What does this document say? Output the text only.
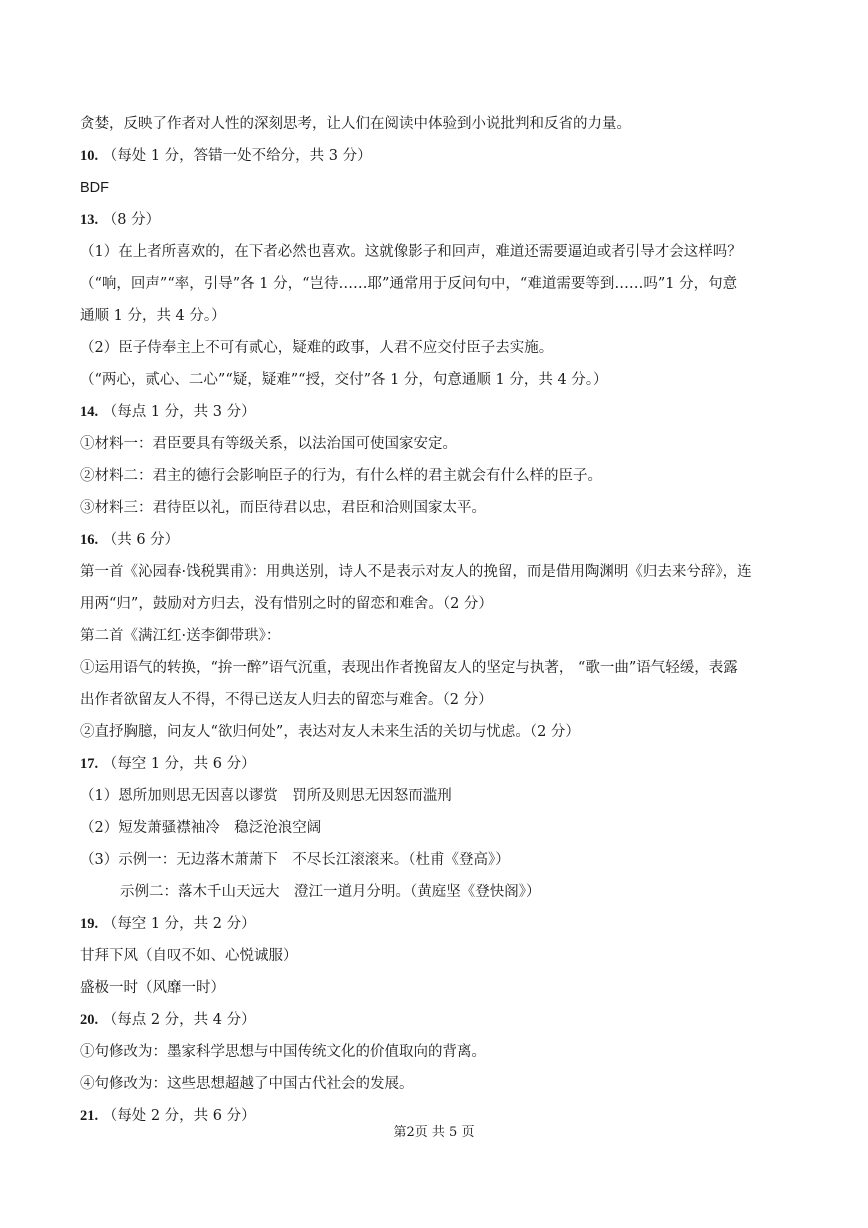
贪婪，反映了作者对人性的深刻思考，让人们在阅读中体验到小说批判和反省的力量。
10. （每处 1 分，答错一处不给分，共 3 分）
BDF
13. （8 分）
（1）在上者所喜欢的，在下者必然也喜欢。这就像影子和回声，难道还需要逼迫或者引导才会这样吗？
（“响，回声”“率，引导”各 1 分，“岂待……耶”通常用于反问句中，“难道需要等到……吗”1 分，句意
通顺 1 分，共 4 分。）
（2）臣子侍奉主上不可有贰心，疑难的政事，人君不应交付臣子去实施。
（“两心，贰心、二心”“疑，疑难”“授，交付”各 1 分，句意通顺 1 分，共 4 分。）
14. （每点 1 分，共 3 分）
①材料一：君臣要具有等级关系，以法治国可使国家安定。
②材料二：君主的德行会影响臣子的行为，有什么样的君主就会有什么样的臣子。
③材料三：君待臣以礼，而臣待君以忠，君臣和洽则国家太平。
16. （共 6 分）
第一首《沁园春·饯税巽甫》：用典送别，诗人不是表示对友人的挽留，而是借用陶渊明《归去来兮辞》，连
用两“归”，鼓励对方归去，没有惜别之时的留恋和难舍。（2 分）
第二首《满江红·送李御带珙》：
①运用语气的转换，“拚一醉”语气沉重，表现出作者挽留友人的坚定与执著， “歌一曲”语气轻缓，表露
出作者欲留友人不得，不得已送友人归去的留恋与难舍。（2 分）
②直抒胸臆，问友人“欲归何处”，表达对友人未来生活的关切与忧虑。（2 分）
17. （每空 1 分，共 6 分）
（1）恩所加则思无因喜以谬赏　罚所及则思无因怒而滥刑
（2）短发萧骚襟袖冷　稳泛沧浪空阔
（3）示例一：无边落木萧萧下　不尽长江滚滚来。（杜甫《登高》）
示例二：落木千山天远大　澄江一道月分明。（黄庭坚《登快阁》）
19. （每空 1 分，共 2 分）
甘拜下风（自叹不如、心悦诚服）
盛极一时（风靡一时）
20. （每点 2 分，共 4 分）
①句修改为：墨家科学思想与中国传统文化的价值取向的背离。
④句修改为：这些思想超越了中国古代社会的发展。
21. （每处 2 分，共 6 分）
第2页 共 5 页
